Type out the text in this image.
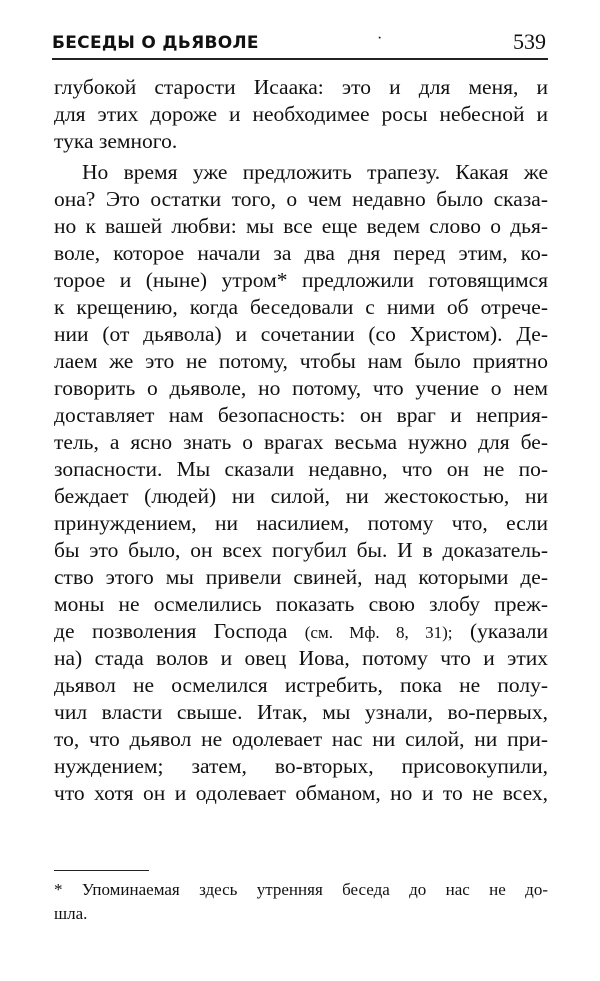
БЕСЕДЫ О ДЬЯВОЛЕ	·	539
глубокой старости Исаака: это и для меня, и
для этих дороже и необходимее росы небесной и
тука земного.
Но время уже предложить трапезу. Какая же
она? Это остатки того, о чем недавно было сказа-
но к вашей любви: мы все еще ведем слово о дья-
воле, которое начали за два дня перед этим, ко-
торое и (ныне) утром* предложили готовящимся
к крещению, когда беседовали с ними об отрече-
нии (от дьявола) и сочетании (со Христом). Де-
лаем же это не потому, чтобы нам было приятно
говорить о дьяволе, но потому, что учение о нем
доставляет нам безопасность: он враг и неприя-
тель, а ясно знать о врагах весьма нужно для бе-
зопасности. Мы сказали недавно, что он не по-
беждает (людей) ни силой, ни жестокостью, ни
принуждением, ни насилием, потому что, если
бы это было, он всех погубил бы. И в доказатель-
ство этого мы привели свиней, над которыми де-
моны не осмелились показать свою злобу преж-
де позволения Господа (см. Мф. 8, 31); (указали
на) стада волов и овец Иова, потому что и этих
дьявол не осмелился истребить, пока не полу-
чил власти свыше. Итак, мы узнали, во-первых,
то, что дьявол не одолевает нас ни силой, ни при-
нуждением; затем, во-вторых, присовокупили,
что хотя он и одолевает обманом, но и то не всех,
* Упоминаемая здесь утренняя беседа до нас не до-
шла.
